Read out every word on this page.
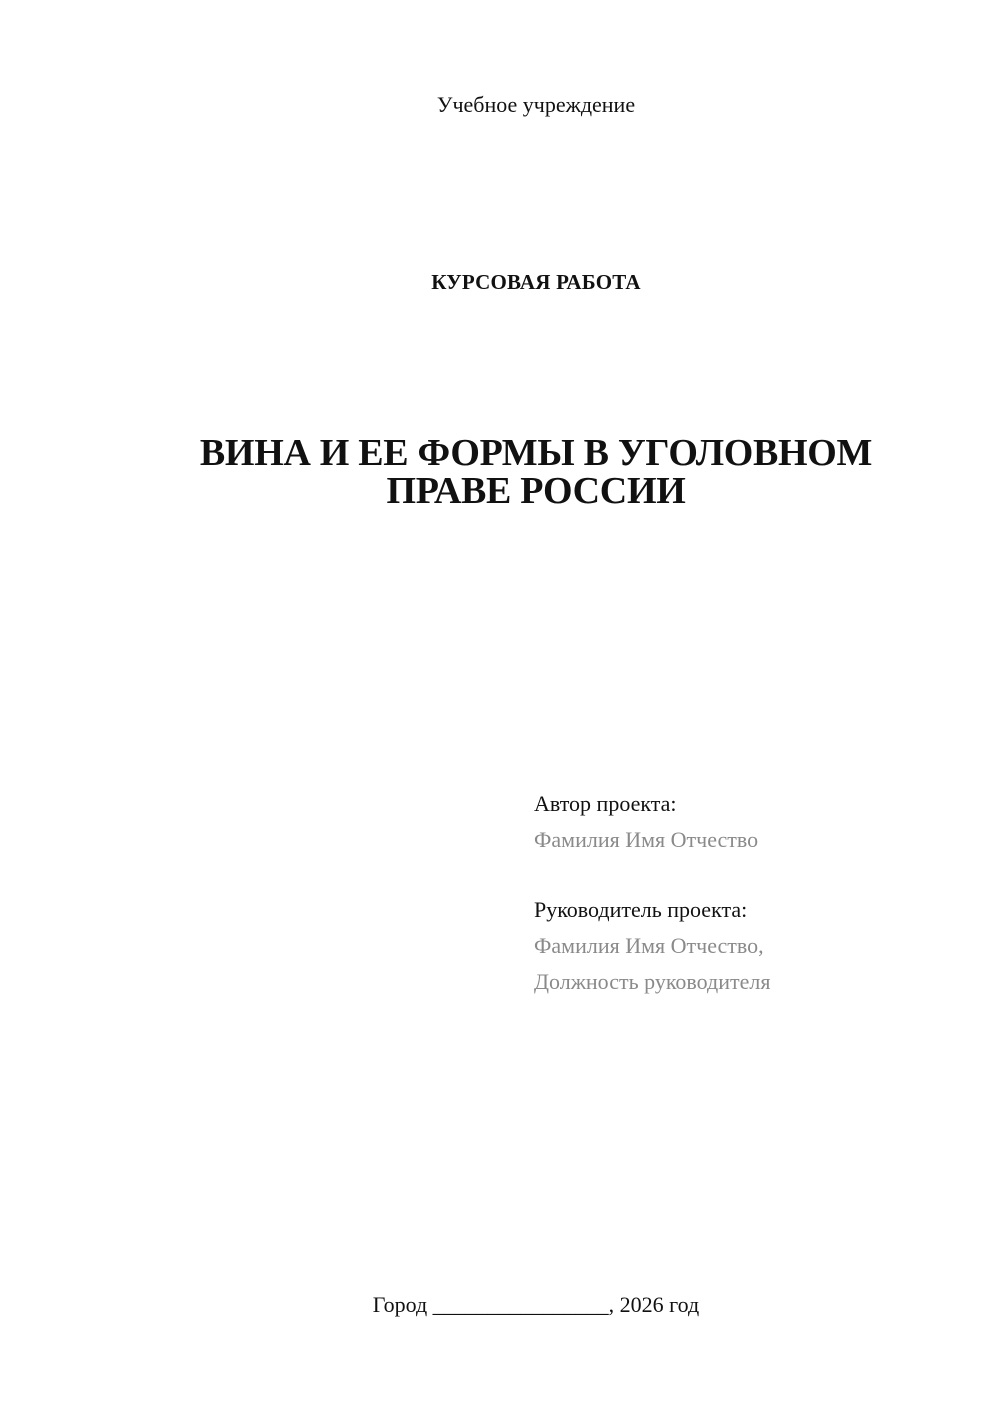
Учебное учреждение
КУРСОВАЯ РАБОТА
ВИНА И ЕЕ ФОРМЫ В УГОЛОВНОМ
ПРАВЕ РОССИИ
Автор проекта:
Фамилия Имя Отчество
Руководитель проекта:
Фамилия Имя Отчество,
Должность руководителя
Город ________________, 2026 год
